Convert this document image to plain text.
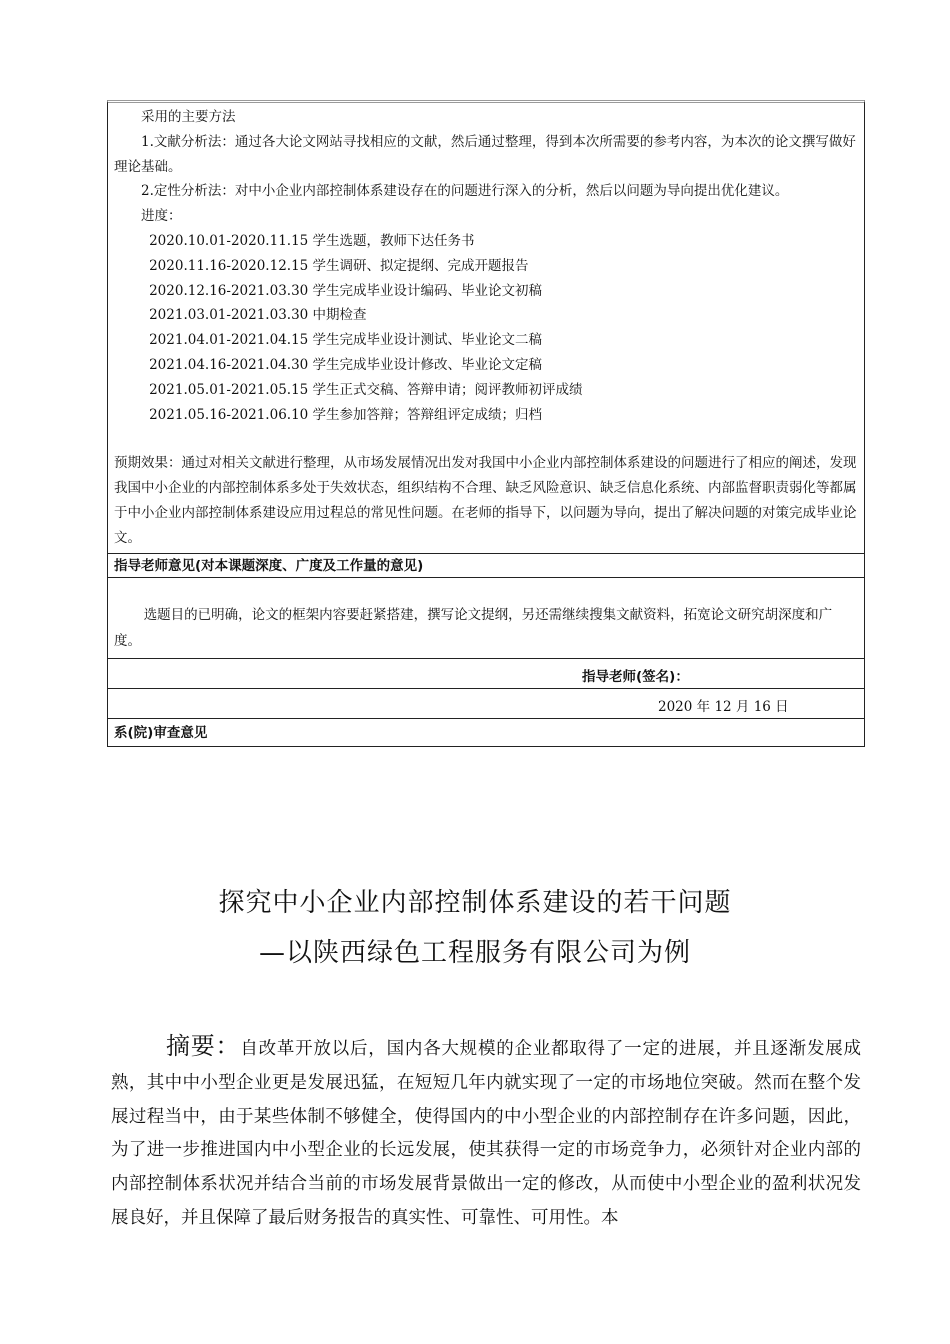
采用的主要方法

1.文献分析法：通过各大论文网站寻找相应的文献，然后通过整理，得到本次所需要的参考内容，为本次的论文撰写做好理论基础。

2.定性分析法：对中小企业内部控制体系建设存在的问题进行深入的分析，然后以问题为导向提出优化建议。

进度：

2020.10.01-2020.11.15 学生选题，教师下达任务书

2020.11.16-2020.12.15 学生调研、拟定提纲、完成开题报告

2020.12.16-2021.03.30 学生完成毕业设计编码、毕业论文初稿

2021.03.01-2021.03.30 中期检查

2021.04.01-2021.04.15 学生完成毕业设计测试、毕业论文二稿

2021.04.16-2021.04.30 学生完成毕业设计修改、毕业论文定稿

2021.05.01-2021.05.15 学生正式交稿、答辩申请；阅评教师初评成绩

2021.05.16-2021.06.10 学生参加答辩；答辩组评定成绩；归档

预期效果：通过对相关文献进行整理，从市场发展情况出发对我国中小企业内部控制体系建设的问题进行了相应的阐述，发现我国中小企业的内部控制体系多处于失效状态，组织结构不合理、缺乏风险意识、缺乏信息化系统、内部监督职责弱化等都属于中小企业内部控制体系建设应用过程总的常见性问题。在老师的指导下，以问题为导向，提出了解决问题的对策完成毕业论文。

指导老师意见(对本课题深度、广度及工作量的意见)

选题目的已明确，论文的框架内容要赶紧搭建，撰写论文提纲，另还需继续搜集文献资料，拓宽论文研究胡深度和广度。

指导老师(签名)：
2020 年 12 月 16 日
系(院)审查意见
探究中小企业内部控制体系建设的若干问题
—以陕西绿色工程服务有限公司为例

摘要：自改革开放以后，国内各大规模的企业都取得了一定的进展，并且逐渐发展成熟，其中中小型企业更是发展迅猛，在短短几年内就实现了一定的市场地位突破。然而在整个发展过程当中，由于某些体制不够健全，使得国内的中小型企业的内部控制存在许多问题，因此，为了进一步推进国内中小型企业的长远发展，使其获得一定的市场竞争力，必须针对企业内部的内部控制体系状况并结合当前的市场发展背景做出一定的修改，从而使中小型企业的盈利状况发展良好，并且保障了最后财务报告的真实性、可靠性、可用性。本
